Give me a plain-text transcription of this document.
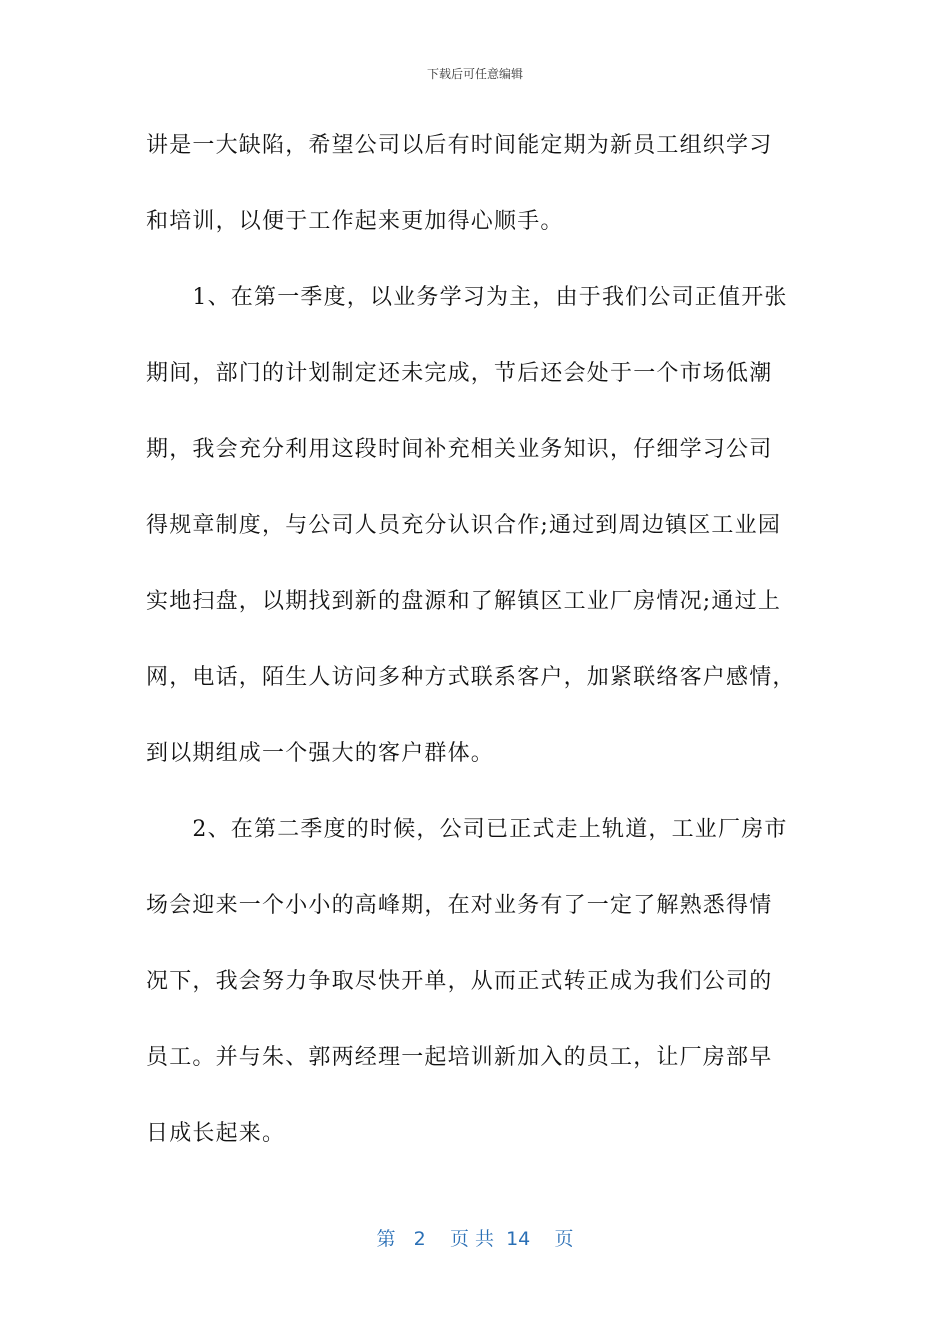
下载后可任意编辑
讲是一大缺陷，希望公司以后有时间能定期为新员工组织学习
和培训，以便于工作起来更加得心顺手。
　　1、在第一季度，以业务学习为主，由于我们公司正值开张
期间，部门的计划制定还未完成，节后还会处于一个市场低潮
期，我会充分利用这段时间补充相关业务知识，仔细学习公司
得规章制度，与公司人员充分认识合作;通过到周边镇区工业园
实地扫盘，以期找到新的盘源和了解镇区工业厂房情况;通过上
网，电话，陌生人访问多种方式联系客户，加紧联络客户感情，
到以期组成一个强大的客户群体。
　　2、在第二季度的时候，公司已正式走上轨道，工业厂房市
场会迎来一个小小的高峰期，在对业务有了一定了解熟悉得情
况下，我会努力争取尽快开单，从而正式转正成为我们公司的
员工。并与朱、郭两经理一起培训新加入的员工，让厂房部早
日成长起来。
第 2 页 共 14 页
